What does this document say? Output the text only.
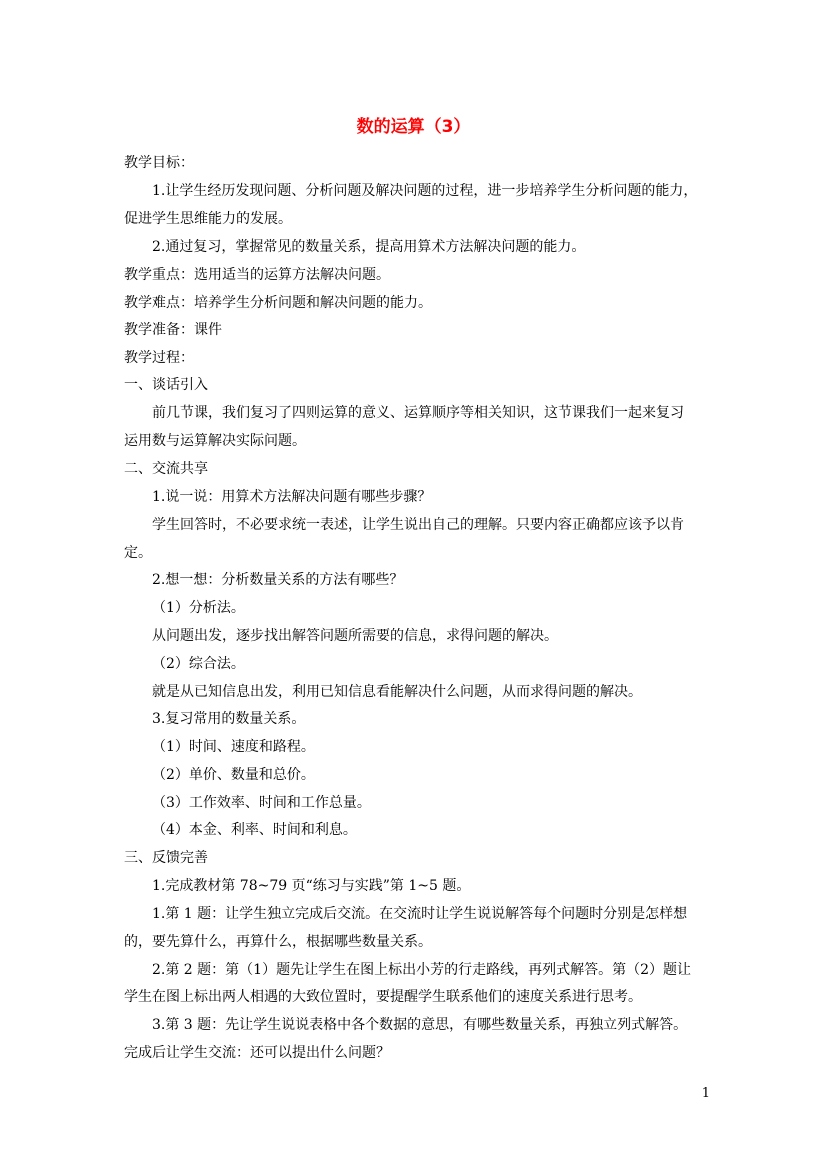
数的运算（3）
教学目标：
1.让学生经历发现问题、分析问题及解决问题的过程，进一步培养学生分析问题的能力，
促进学生思维能力的发展。
2.通过复习，掌握常见的数量关系，提高用算术方法解决问题的能力。
教学重点：选用适当的运算方法解决问题。
教学难点：培养学生分析问题和解决问题的能力。
教学准备：课件
教学过程：
一、谈话引入
前几节课，我们复习了四则运算的意义、运算顺序等相关知识，这节课我们一起来复习
运用数与运算解决实际问题。
二、交流共享
1.说一说：用算术方法解决问题有哪些步骤？
学生回答时，不必要求统一表述，让学生说出自己的理解。只要内容正确都应该予以肯
定。
2.想一想：分析数量关系的方法有哪些？
（1）分析法。
从问题出发，逐步找出解答问题所需要的信息，求得问题的解决。
（2）综合法。
就是从已知信息出发，利用已知信息看能解决什么问题，从而求得问题的解决。
3.复习常用的数量关系。
（1）时间、速度和路程。
（2）单价、数量和总价。
（3）工作效率、时间和工作总量。
（4）本金、利率、时间和利息。
三、反馈完善
1.完成教材第 78~79 页“练习与实践”第 1~5 题。
1.第 1 题：让学生独立完成后交流。在交流时让学生说说解答每个问题时分别是怎样想
的，要先算什么，再算什么，根据哪些数量关系。
2.第 2 题：第（1）题先让学生在图上标出小芳的行走路线，再列式解答。第（2）题让
学生在图上标出两人相遇的大致位置时，要提醒学生联系他们的速度关系进行思考。
3.第 3 题：先让学生说说表格中各个数据的意思，有哪些数量关系，再独立列式解答。
完成后让学生交流：还可以提出什么问题？
1
